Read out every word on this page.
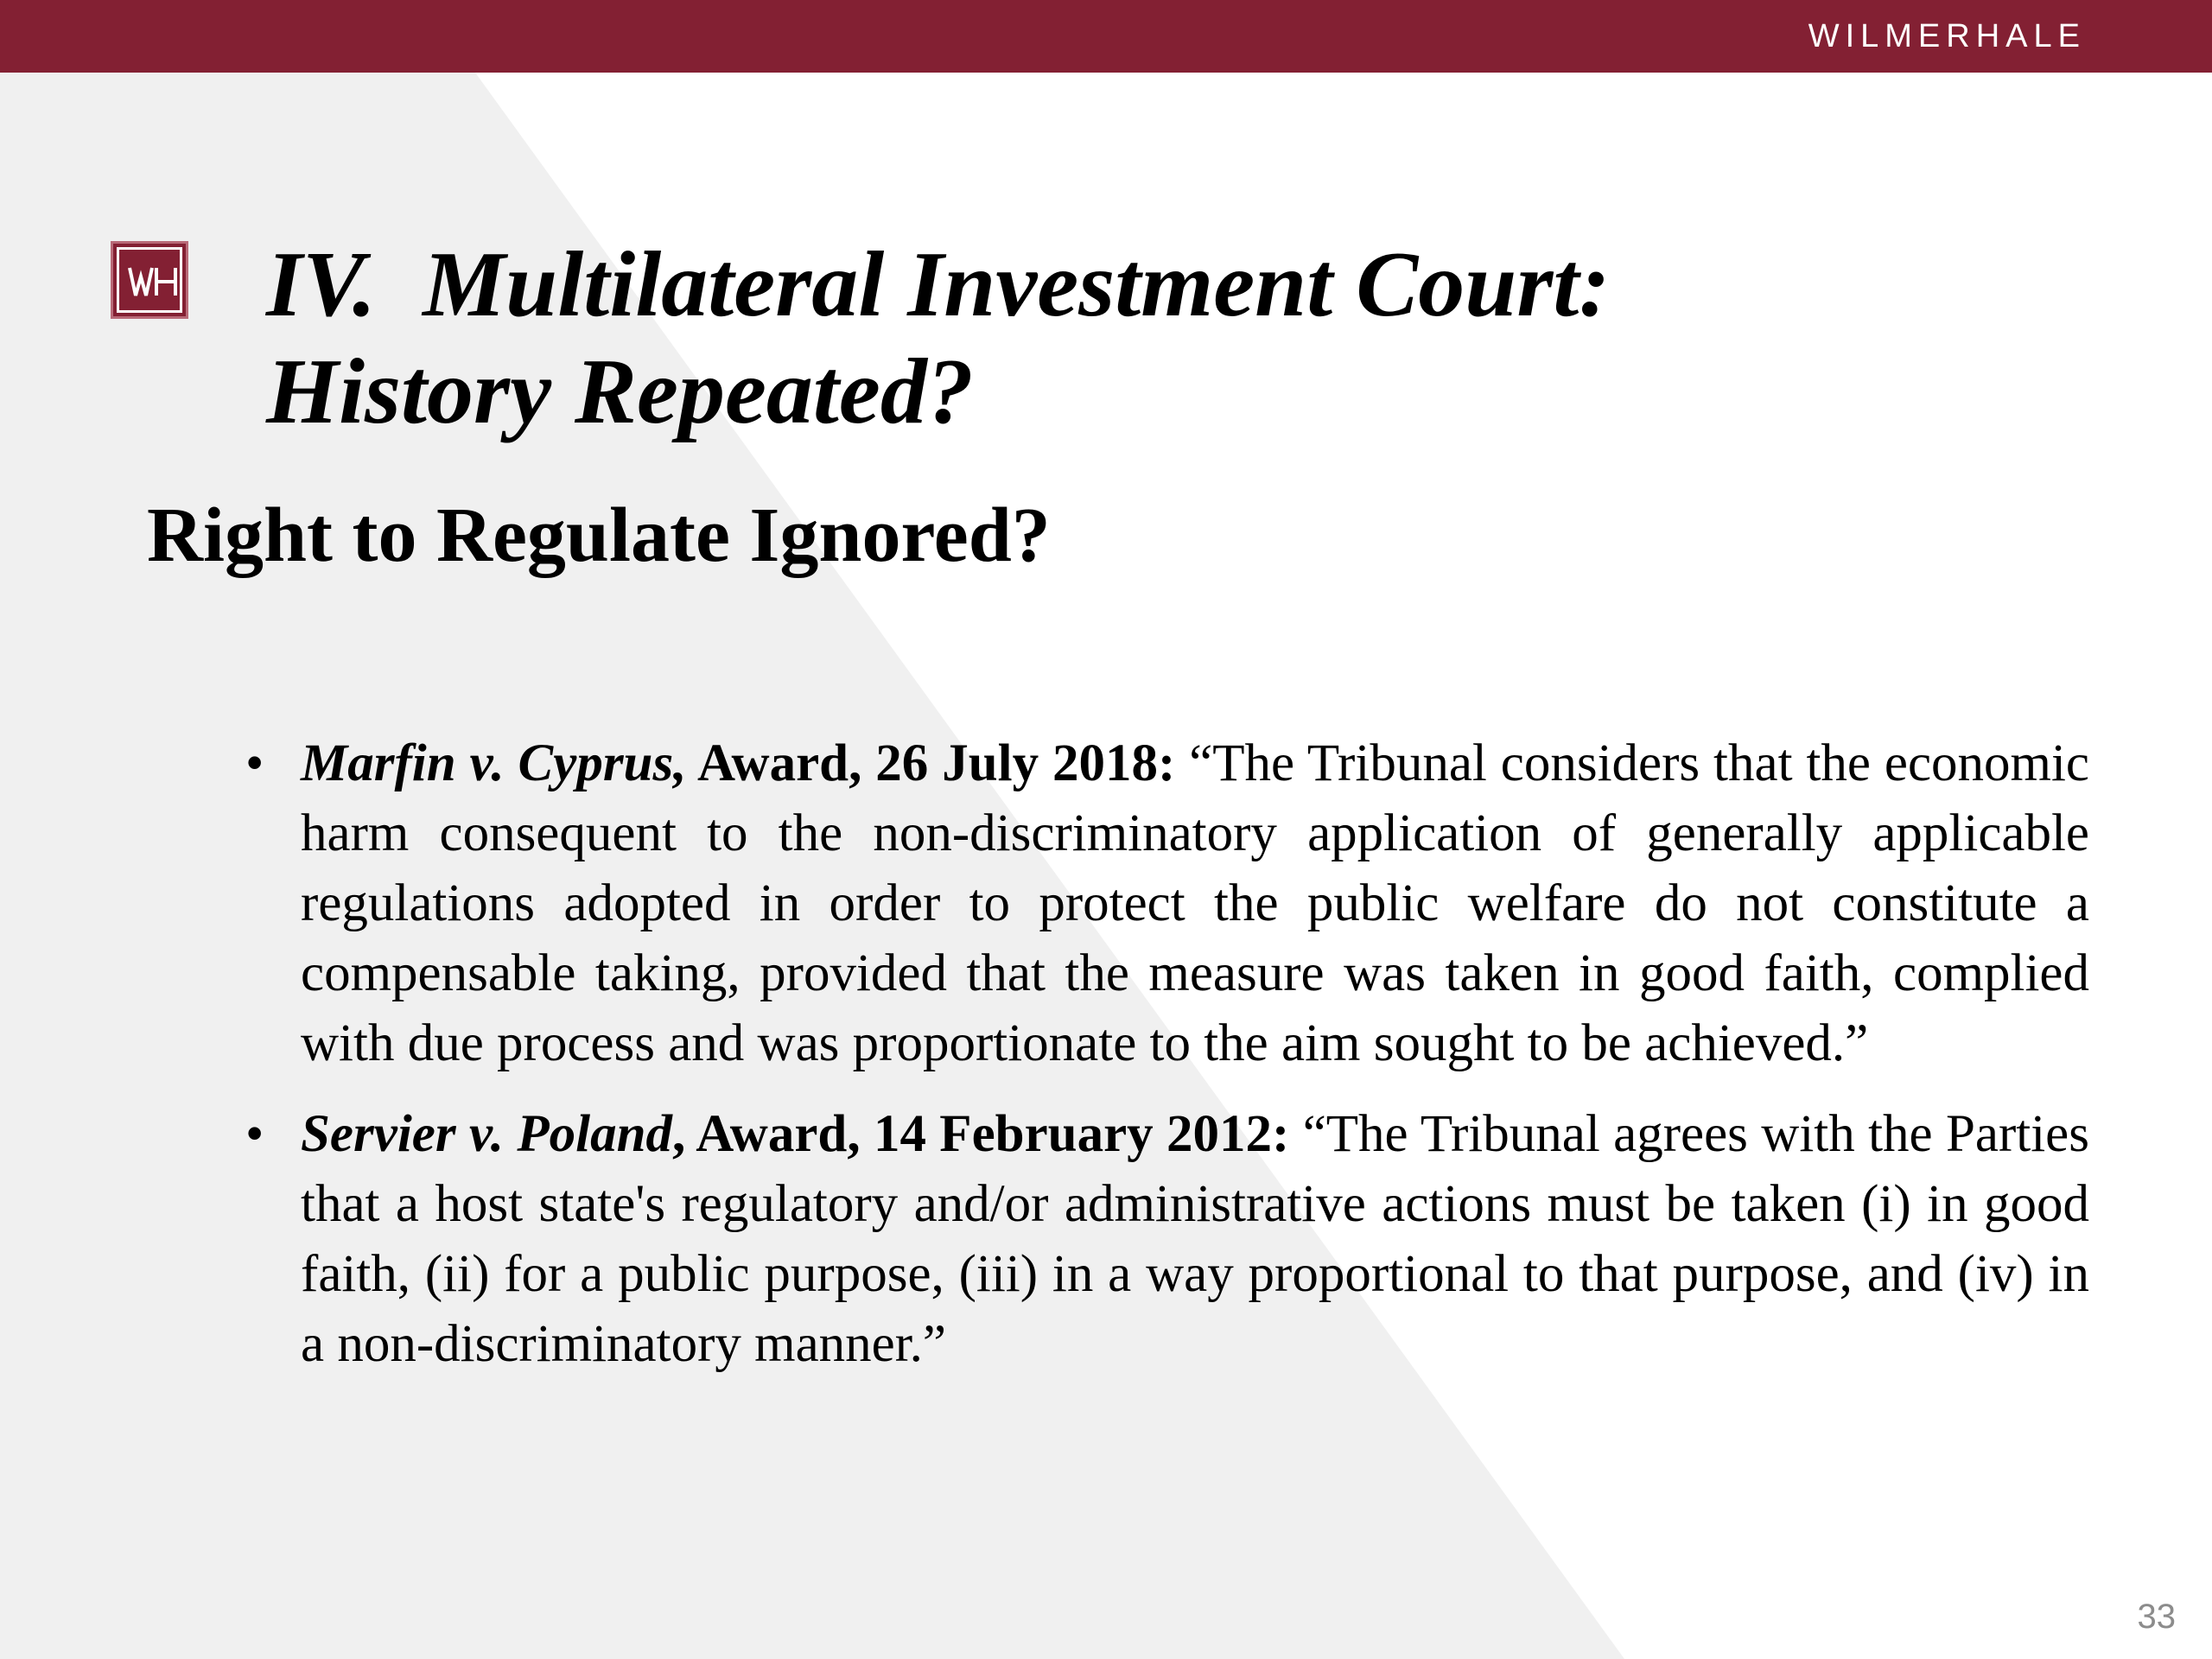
WILMERHALE
IV.  Multilateral Investment Court:
History Repeated?
Right to Regulate Ignored?
• Marfin v. Cyprus, Award, 26 July 2018: “The Tribunal considers that the economic harm consequent to the non-discriminatory application of generally applicable regulations adopted in order to protect the public welfare do not constitute a compensable taking, provided that the measure was taken in good faith, complied with due process and was proportionate to the aim sought to be achieved.”
• Servier v. Poland, Award, 14 February 2012: “The Tribunal agrees with the Parties that a host state's regulatory and/or administrative actions must be taken (i) in good faith, (ii) for a public purpose, (iii) in a way proportional to that purpose, and (iv) in a non-discriminatory manner.”
33
